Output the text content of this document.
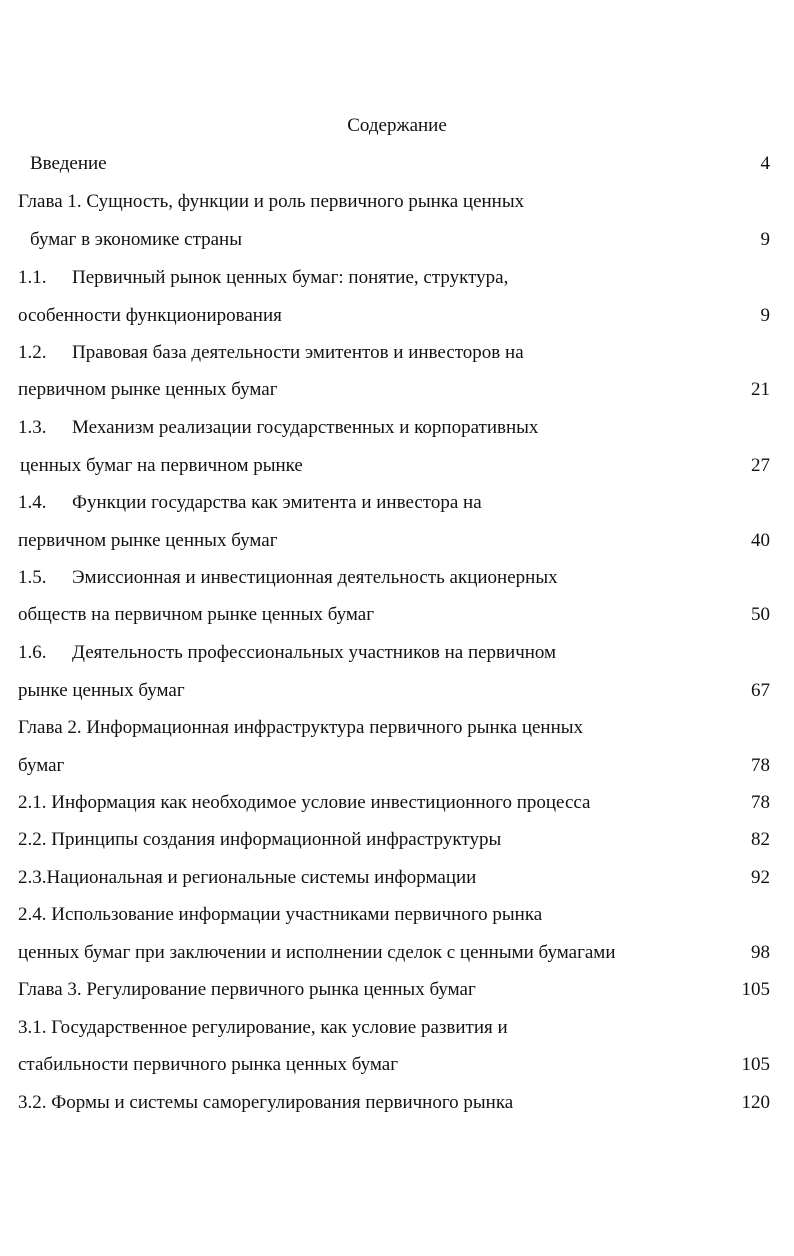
Содержание
Введение	4
Глава 1. Сущность, функции и роль первичного рынка ценных
бумаг в экономике страны	9
1.1. Первичный рынок ценных бумаг: понятие, структура,
особенности функционирования	9
1.2. Правовая база деятельности эмитентов и инвесторов на
первичном рынке ценных бумаг	21
1.3. Механизм реализации государственных и корпоративных
ценных бумаг на первичном рынке	27
1.4. Функции государства как эмитента и инвестора на
первичном рынке ценных бумаг	40
1.5. Эмиссионная и инвестиционная деятельность акционерных
обществ на первичном рынке ценных бумаг	50
1.6. Деятельность профессиональных участников на первичном
рынке ценных бумаг	67
Глава 2. Информационная инфраструктура первичного рынка ценных
бумаг	78
2.1. Информация как необходимое условие инвестиционного процесса	78
2.2. Принципы создания информационной инфраструктуры	82
2.3.Национальная и региональные системы информации	92
2.4. Использование информации участниками первичного рынка
ценных бумаг при заключении и исполнении сделок с ценными бумагами	98
Глава 3. Регулирование первичного рынка ценных бумаг	105
3.1. Государственное регулирование, как условие развития и
стабильности первичного рынка ценных бумаг	105
3.2. Формы и системы саморегулирования первичного рынка	120
